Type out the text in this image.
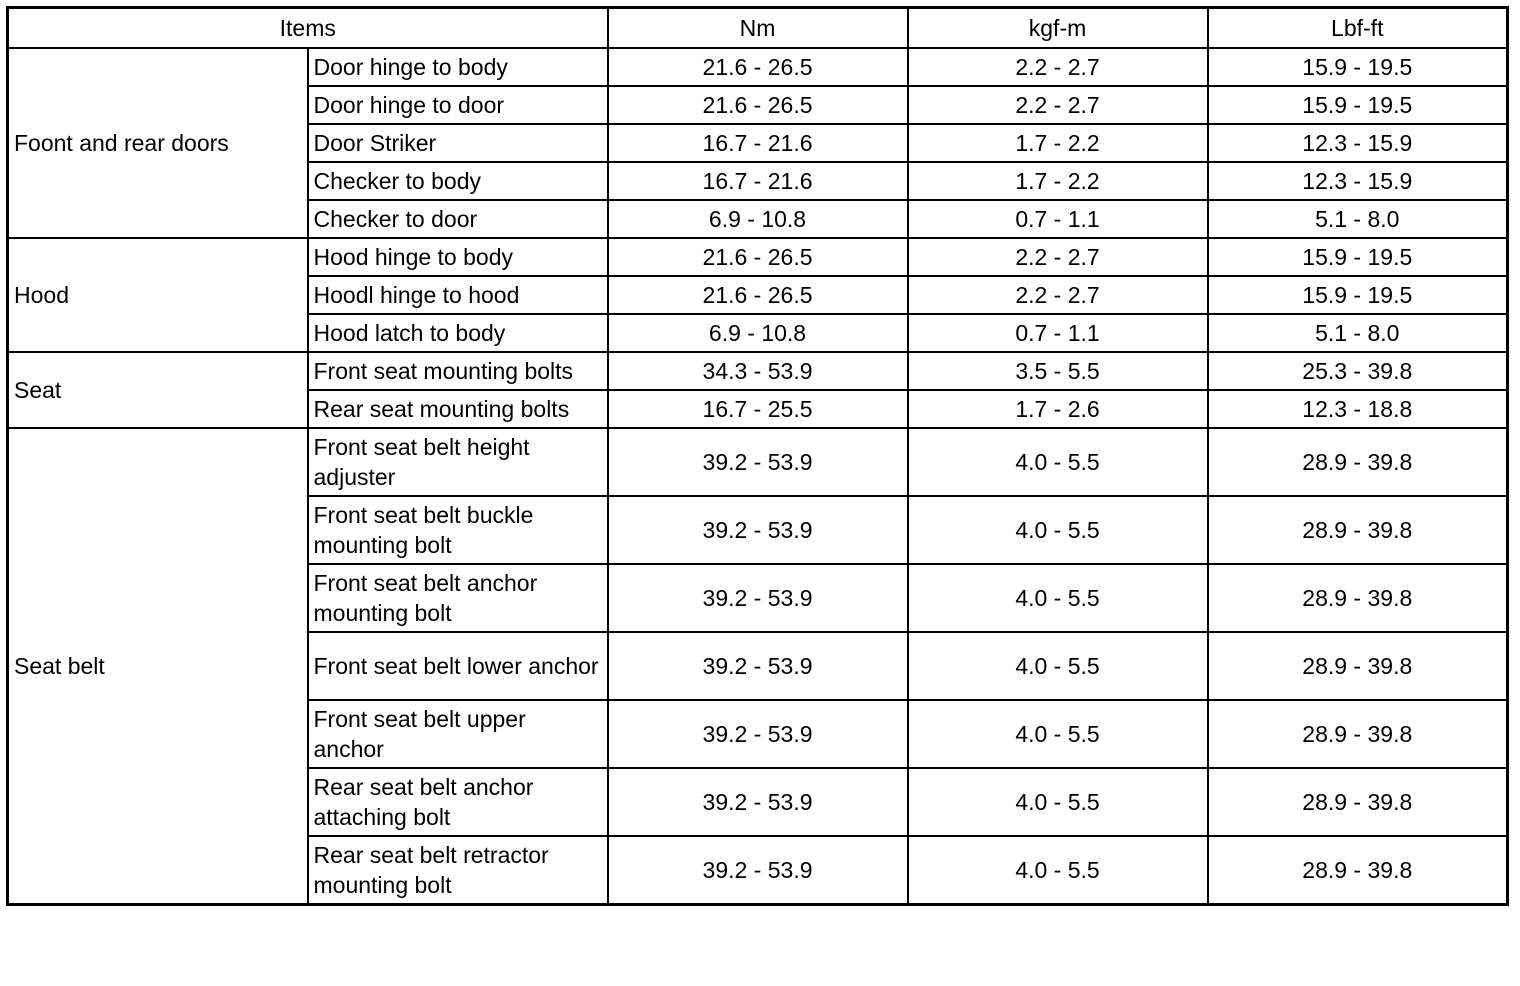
Items		Nm	kgf-m	Lbf-ft
Foont and rear doors	Door hinge to body	21.6 - 26.5	2.2 - 2.7	15.9 - 19.5
	Door hinge to door	21.6 - 26.5	2.2 - 2.7	15.9 - 19.5
	Door Striker	16.7 - 21.6	1.7 - 2.2	12.3 - 15.9
	Checker to body	16.7 - 21.6	1.7 - 2.2	12.3 - 15.9
	Checker to door	6.9 - 10.8	0.7 - 1.1	5.1 - 8.0
Hood	Hood hinge to body	21.6 - 26.5	2.2 - 2.7	15.9 - 19.5
	Hoodl hinge to hood	21.6 - 26.5	2.2 - 2.7	15.9 - 19.5
	Hood latch to body	6.9 - 10.8	0.7 - 1.1	5.1 - 8.0
Seat	Front seat mounting bolts	34.3 - 53.9	3.5 - 5.5	25.3 - 39.8
	Rear seat mounting bolts	16.7 - 25.5	1.7 - 2.6	12.3 - 18.8
Seat belt	Front seat belt height adjuster	39.2 - 53.9	4.0 - 5.5	28.9 - 39.8
	Front seat belt buckle mounting bolt	39.2 - 53.9	4.0 - 5.5	28.9 - 39.8
	Front seat belt anchor mounting bolt	39.2 - 53.9	4.0 - 5.5	28.9 - 39.8
	Front seat belt lower anchor	39.2 - 53.9	4.0 - 5.5	28.9 - 39.8
	Front seat belt upper anchor	39.2 - 53.9	4.0 - 5.5	28.9 - 39.8
	Rear seat belt anchor attaching bolt	39.2 - 53.9	4.0 - 5.5	28.9 - 39.8
	Rear seat belt retractor mounting bolt	39.2 - 53.9	4.0 - 5.5	28.9 - 39.8
